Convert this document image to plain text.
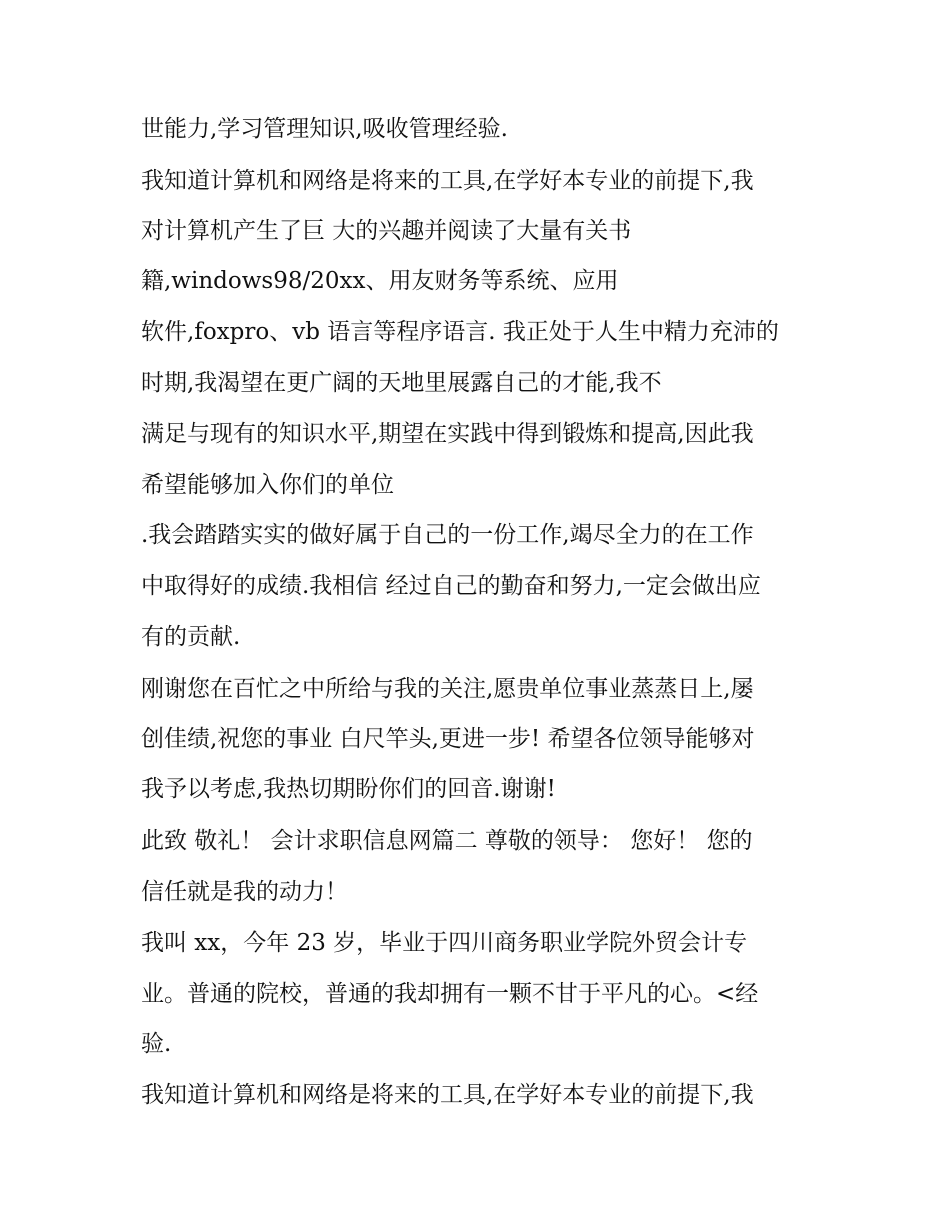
世能力,学习管理知识,吸收管理经验.

我知道计算机和网络是将来的工具,在学好本专业的前提下,我

对计算机产生了巨 大的兴趣并阅读了大量有关书

籍,windows98/20xx、用友财务等系统、应用

软件,foxpro、vb 语言等程序语言. 我正处于人生中精力充沛的

时期,我渴望在更广阔的天地里展露自己的才能,我不

满足与现有的知识水平,期望在实践中得到锻炼和提高,因此我

希望能够加入你们的单位

.我会踏踏实实的做好属于自己的一份工作,竭尽全力的在工作

中取得好的成绩.我相信 经过自己的勤奋和努力,一定会做出应

有的贡献.

刚谢您在百忙之中所给与我的关注,愿贵单位事业蒸蒸日上,屡

创佳绩,祝您的事业 白尺竿头,更进一步! 希望各位领导能够对

我予以考虑,我热切期盼你们的回音.谢谢!

此致 敬礼！ 会计求职信息网篇二 尊敬的领导： 您好！ 您的

信任就是我的动力！

我叫 xx，今年 23 岁，毕业于四川商务职业学院外贸会计专

业。普通的院校，普通的我却拥有一颗不甘于平凡的心。<经

验.

我知道计算机和网络是将来的工具,在学好本专业的前提下,我
